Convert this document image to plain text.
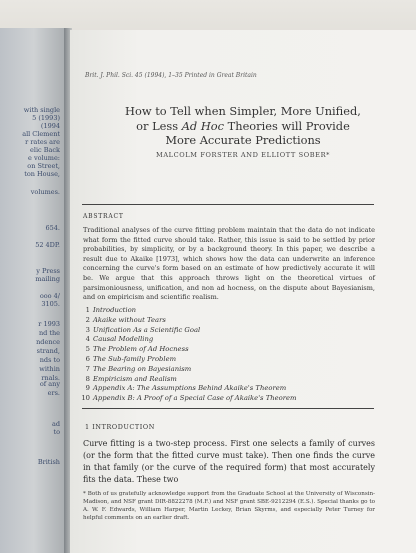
with single
5 (1993)
(1994
all Clement
r rates are
elic Back
e volume:
on Street,
ton House,
volumes.
654.
52 4DP.
y Press
mailing
ooo 4/
3105.
r 1993
nd the
ndence
strand,
nds to
within
rnals.
of any
ers.
ad
to
British
Brit. J. Phil. Sci. 45 (1994), 1–35 Printed in Great Britain
How to Tell when Simpler, More Unified,
or Less Ad Hoc Theories will Provide
More Accurate Predictions
MALCOLM FORSTER AND ELLIOTT SOBER*
ABSTRACT
Traditional analyses of the curve fitting problem maintain that the data do not indicate what form the fitted curve should take. Rather, this issue is said to be settled by prior probabilities, by simplicity, or by a background theory. In this paper, we describe a result due to Akaike [1973], which shows how the data can underwrite an inference concerning the curve's form based on an estimate of how predictively accurate it will be. We argue that this approach throws light on the theoretical virtues of parsimoniousness, unification, and non ad hocness, on the dispute about Bayesianism, and on empiricism and scientific realism.
1 Introduction
2 Akaike without Tears
3 Unification As a Scientific Goal
4 Causal Modelling
5 The Problem of Ad Hocness
6 The Sub-family Problem
7 The Bearing on Bayesianism
8 Empiricism and Realism
9 Appendix A: The Assumptions Behind Akaike's Theorem
10 Appendix B: A Proof of a Special Case of Akaike's Theorem
1 INTRODUCTION
Curve fitting is a two-step process. First one selects a family of curves (or the form that the fitted curve must take). Then one finds the curve in that family (or the curve of the required form) that most accurately fits the data. These two
* Both of us gratefully acknowledge support from the Graduate School at the University of Wisconsin-Madison, and NSF grant DIR-8822278 (M.F.) and NSF grant SBE-9212294 (E.S.). Special thanks go to A. W. F. Edwards, William Harper, Martin Leckey, Brian Skyrms, and especially Peter Turney for helpful comments on an earlier draft.
